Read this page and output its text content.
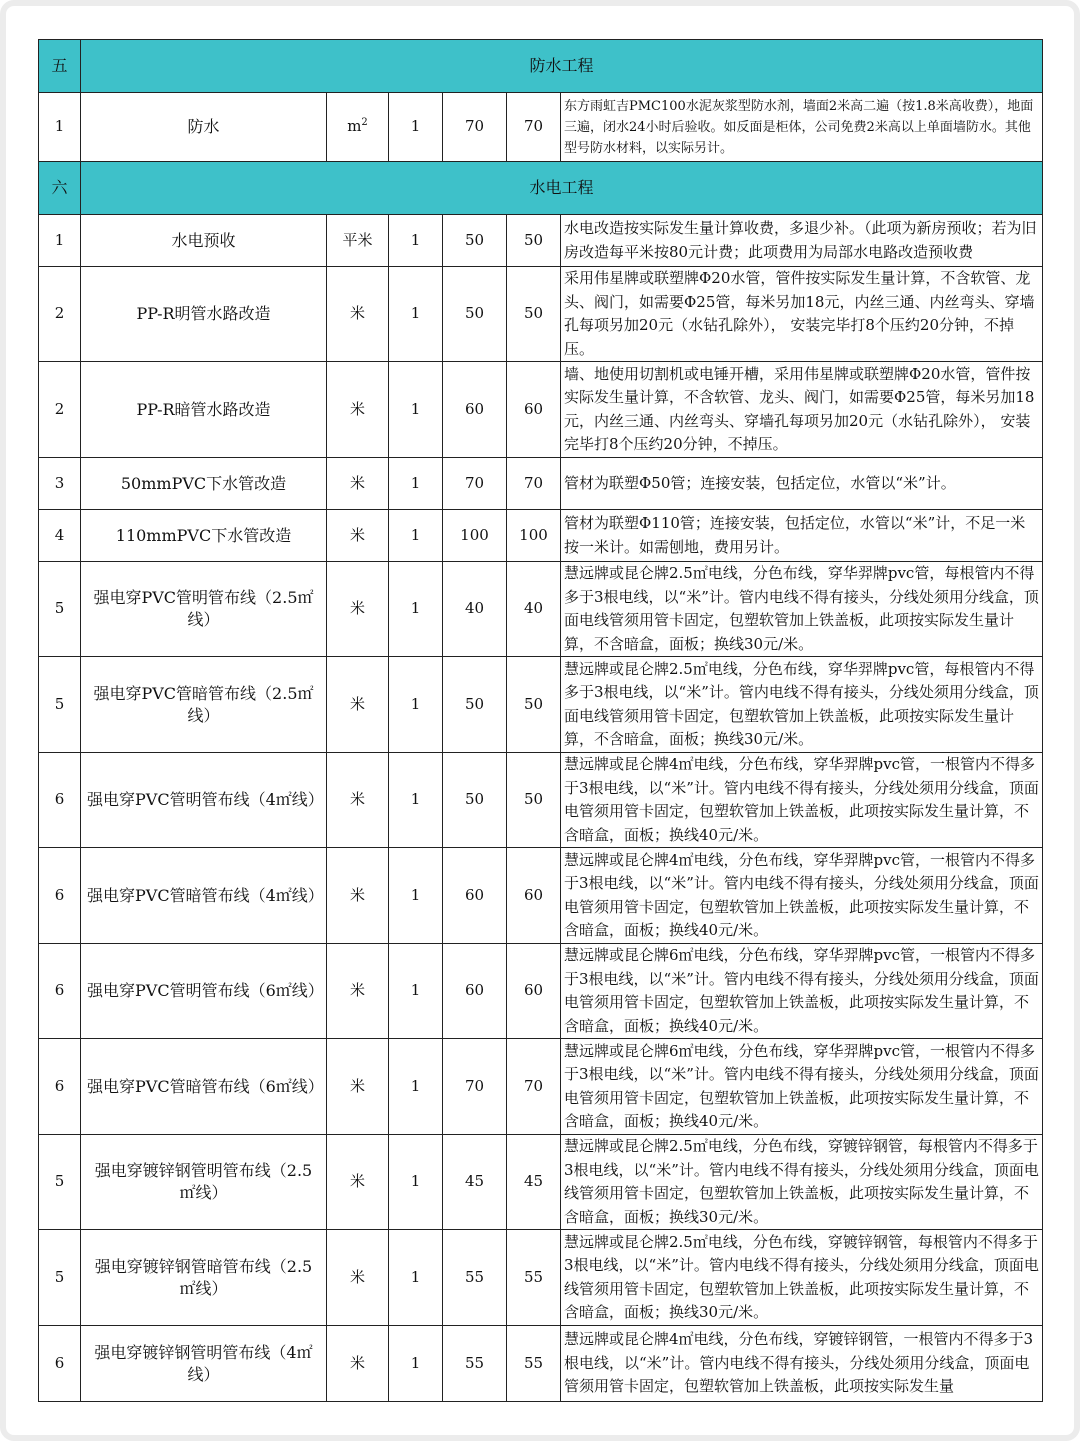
五	防水工程					
1	防水	$m^2$	1	70	70	东方雨虹吉PMC100水泥灰浆型防水剂，墙面2米高二遍（按1.8米高收费），地面三遍，闭水24小时后验收。如反面是柜体，公司免费2米高以上单面墙防水。其他型号防水材料，以实际另计。
六	水电工程					
1	水电预收	平米	1	50	50	水电改造按实际发生量计算收费，多退少补。（此项为新房预收；若为旧房改造每平米按80元计费；此项费用为局部水电路改造预收费
2	PP-R明管水路改造	米	1	50	50	采用伟星牌或联塑牌Φ20水管，管件按实际发生量计算，不含软管、龙头、阀门，如需要Φ25管，每米另加18元，内丝三通、内丝弯头、穿墙孔每项另加20元（水钻孔除外）， 安装完毕打8个压约20分钟，不掉压。
2	PP-R暗管水路改造	米	1	60	60	墙、地使用切割机或电锤开槽，采用伟星牌或联塑牌Φ20水管，管件按实际发生量计算，不含软管、龙头、阀门，如需要Φ25管，每米另加18元，内丝三通、内丝弯头、穿墙孔每项另加20元（水钻孔除外）， 安装完毕打8个压约20分钟，不掉压。
3	50mmPVC下水管改造	米	1	70	70	管材为联塑Φ50管；连接安装，包括定位，水管以“米”计。
4	110mmPVC下水管改造	米	1	100	100	管材为联塑Φ110管；连接安装，包括定位，水管以“米”计，不足一米按一米计。如需刨地，费用另计。
5	强电穿PVC管明管布线（2.5㎡线）	米	1	40	40	慧远牌或昆仑牌2.5㎡电线，分色布线，穿华羿牌pvc管，每根管内不得多于3根电线，以“米”计。管内电线不得有接头，分线处须用分线盒，顶面电线管须用管卡固定，包塑软管加上铁盖板，此项按实际发生量计算，不含暗盒，面板；换线30元/米。
5	强电穿PVC管暗管布线（2.5㎡线）	米	1	50	50	慧远牌或昆仑牌2.5㎡电线，分色布线，穿华羿牌pvc管，每根管内不得多于3根电线，以“米”计。管内电线不得有接头，分线处须用分线盒，顶面电线管须用管卡固定，包塑软管加上铁盖板，此项按实际发生量计算，不含暗盒，面板；换线30元/米。
6	强电穿PVC管明管布线（4㎡线）	米	1	50	50	慧远牌或昆仑牌4㎡电线，分色布线，穿华羿牌pvc管，一根管内不得多于3根电线，以“米”计。管内电线不得有接头，分线处须用分线盒，顶面电管须用管卡固定，包塑软管加上铁盖板，此项按实际发生量计算，不含暗盒，面板；换线40元/米。
6	强电穿PVC管暗管布线（4㎡线）	米	1	60	60	慧远牌或昆仑牌4㎡电线，分色布线，穿华羿牌pvc管，一根管内不得多于3根电线，以“米”计。管内电线不得有接头，分线处须用分线盒，顶面电管须用管卡固定，包塑软管加上铁盖板，此项按实际发生量计算，不含暗盒，面板；换线40元/米。
6	强电穿PVC管明管布线（6㎡线）	米	1	60	60	慧远牌或昆仑牌6㎡电线，分色布线，穿华羿牌pvc管，一根管内不得多于3根电线，以“米”计。管内电线不得有接头，分线处须用分线盒，顶面电管须用管卡固定，包塑软管加上铁盖板，此项按实际发生量计算，不含暗盒，面板；换线40元/米。
6	强电穿PVC管暗管布线（6㎡线）	米	1	70	70	慧远牌或昆仑牌6㎡电线，分色布线，穿华羿牌pvc管，一根管内不得多于3根电线，以“米”计。管内电线不得有接头，分线处须用分线盒，顶面电管须用管卡固定，包塑软管加上铁盖板，此项按实际发生量计算，不含暗盒，面板；换线40元/米。
5	强电穿镀锌钢管明管布线（2.5㎡线）	米	1	45	45	慧远牌或昆仑牌2.5㎡电线，分色布线，穿镀锌钢管，每根管内不得多于3根电线，以“米”计。管内电线不得有接头，分线处须用分线盒，顶面电线管须用管卡固定，包塑软管加上铁盖板，此项按实际发生量计算，不含暗盒，面板；换线30元/米。
5	强电穿镀锌钢管暗管布线（2.5㎡线）	米	1	55	55	慧远牌或昆仑牌2.5㎡电线，分色布线，穿镀锌钢管，每根管内不得多于3根电线，以“米”计。管内电线不得有接头，分线处须用分线盒，顶面电线管须用管卡固定，包塑软管加上铁盖板，此项按实际发生量计算，不含暗盒，面板；换线30元/米。
6	强电穿镀锌钢管明管布线（4㎡线）	米	1	55	55	慧远牌或昆仑牌4㎡电线，分色布线，穿镀锌钢管，一根管内不得多于3根电线，以“米”计。管内电线不得有接头，分线处须用分线盒，顶面电管须用管卡固定，包塑软管加上铁盖板，此项按实际发生量
